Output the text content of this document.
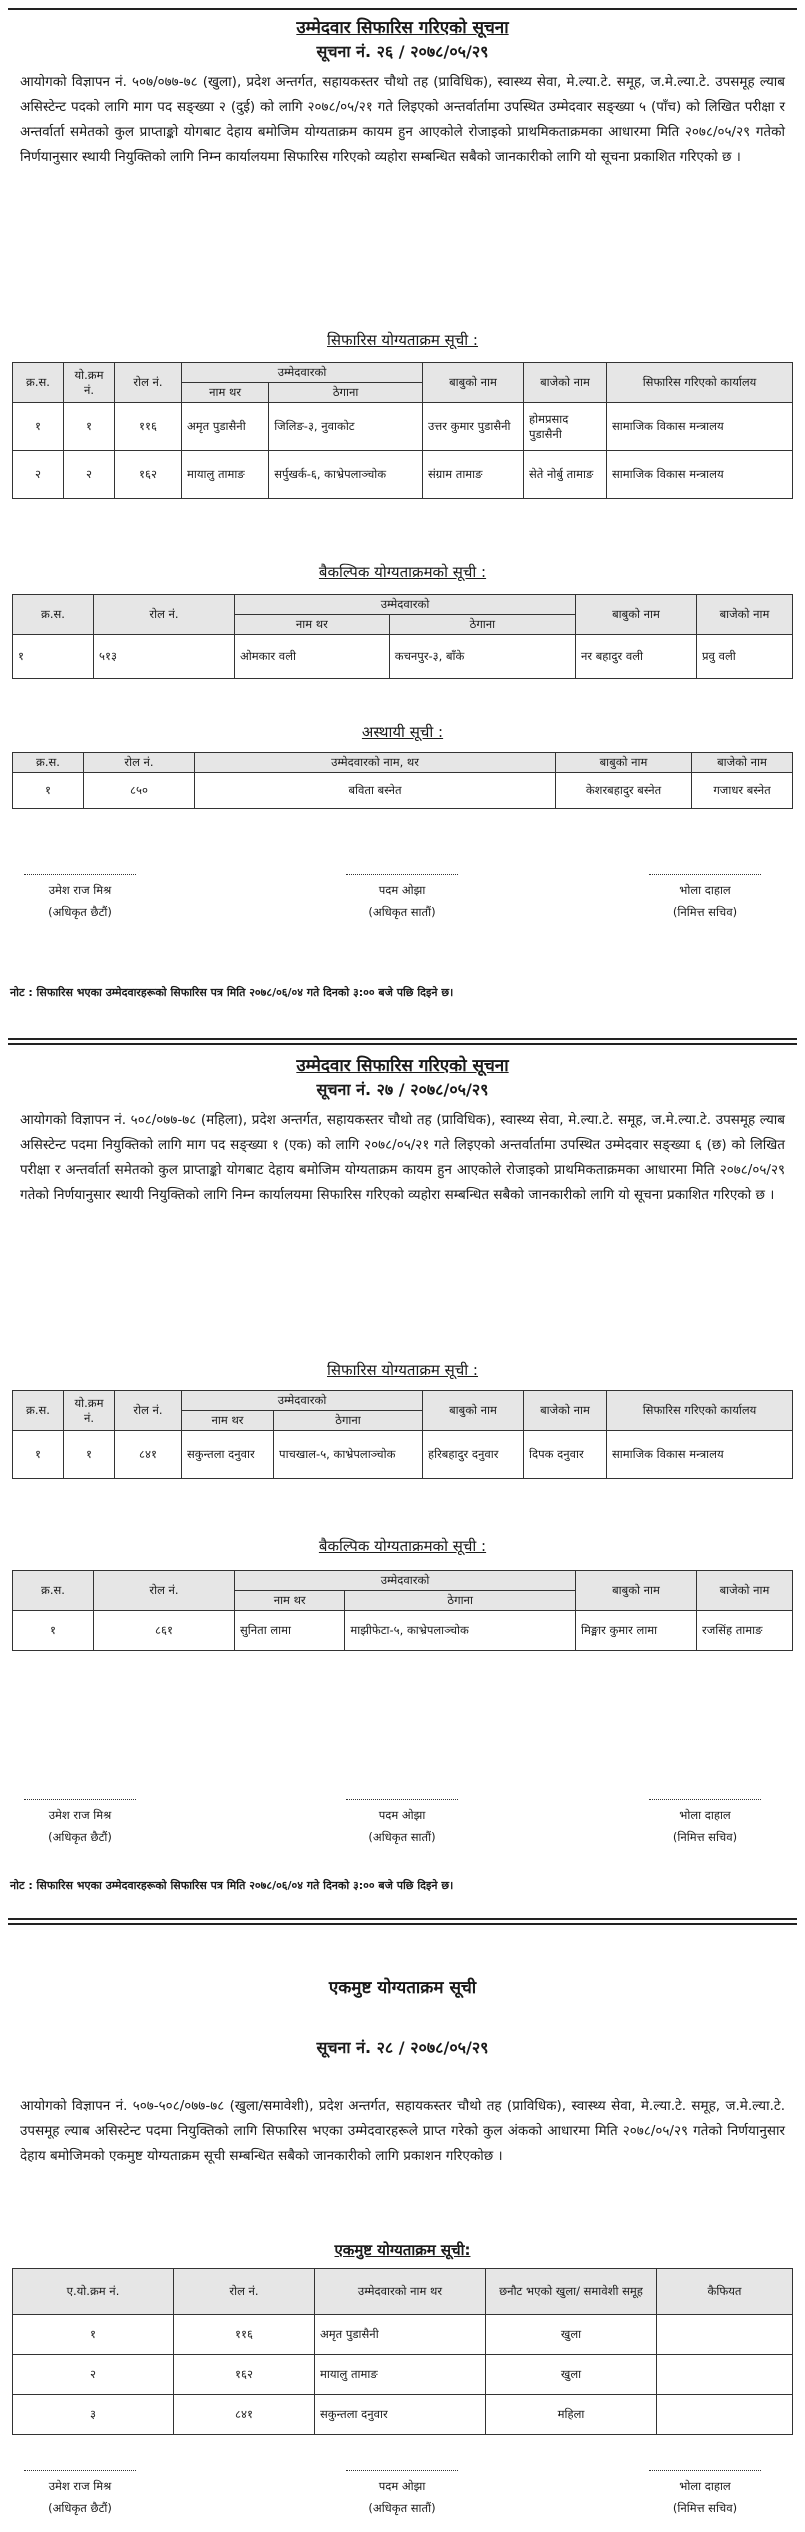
उम्मेदवार सिफारिस गरिएको सूचना

सूचना नं. २६ / २०७८/०५/२९

आयोगको विज्ञापन नं. ५०७/०७७-७८ (खुला), प्रदेश अन्तर्गत, सहायकस्तर चौथो तह (प्राविधिक), स्वास्थ्य सेवा, मे.ल्या.टे. समूह, ज.मे.ल्या.टे. उपसमूह ल्याब असिस्टेन्ट पदको लागि माग पद सङ्ख्या २ (दुई) को लागि २०७८/०५/२१ गते लिइएको अन्तर्वार्तामा उपस्थित उम्मेदवार सङ्ख्या ५ (पाँच) को लिखित परीक्षा र अन्तर्वार्ता समेतको कुल प्राप्ताङ्को योगबाट देहाय बमोजिम योग्यताक्रम कायम हुन आएकोले रोजाइको प्राथमिकताक्रमका आधारमा मिति २०७८/०५/२९ गतेको निर्णयानुसार स्थायी नियुक्तिको लागि निम्न कार्यालयमा सिफारिस गरिएको व्यहोरा सम्बन्धित सबैको जानकारीको लागि यो सूचना प्रकाशित गरिएको छ ।

सिफारिस योग्यताक्रम सूची :

क्र.स.	यो.क्रम नं.	रोल नं.	उम्मेदवारको		बाबुको नाम	बाजेको नाम	सिफारिस गरिएको कार्यालय
			नाम थर	ठेगाना			
१	१	११६	अमृत पुडासैनी	जिलिङ-३, नुवाकोट	उत्तर कुमार पुडासैनी	होमप्रसाद पुडासैनी	सामाजिक विकास मन्त्रालय
२	२	१६२	मायालु तामाङ	सर्पुखर्क-६, काभ्रेपलाञ्चोक	संग्राम तामाङ	सेते नोर्बु तामाङ	सामाजिक विकास मन्त्रालय

बैकल्पिक योग्यताक्रमको सूची :

क्र.स.	रोल नं.	उम्मेदवारको		बाबुको नाम	बाजेको नाम
		नाम थर	ठेगाना		
१	५१३	ओमकार वली	कचनपुर-३, बाँके	नर बहादुर वली	प्रवु वली

अस्थायी सूची :

क्र.स.	रोल नं.	उम्मेदवारको नाम, थर	बाबुको नाम	बाजेको नाम
१	८५०	बविता बस्नेत	केशरबहादुर बस्नेत	गजाधर बस्नेत
उमेश राज मिश्र
(अधिकृत छैटौं)
पदम ओझा
(अधिकृत सातौं)
भोला दाहाल
(निमित्त सचिव)

नोट : सिफारिस भएका उम्मेदवारहरूको सिफारिस पत्र मिति २०७८/०६/०४ गते दिनको ३:०० बजे पछि दिइने छ।

उम्मेदवार सिफारिस गरिएको सूचना

सूचना नं. २७ / २०७८/०५/२९

आयोगको विज्ञापन नं. ५०८/०७७-७८ (महिला), प्रदेश अन्तर्गत, सहायकस्तर चौथो तह (प्राविधिक), स्वास्थ्य सेवा, मे.ल्या.टे. समूह, ज.मे.ल्या.टे. उपसमूह ल्याब असिस्टेन्ट पदमा नियुक्तिको लागि माग पद सङ्ख्या १ (एक) को लागि २०७८/०५/२१ गते लिइएको अन्तर्वार्तामा उपस्थित उम्मेदवार सङ्ख्या ६ (छ) को लिखित परीक्षा र अन्तर्वार्ता समेतको कुल प्राप्ताङ्को योगबाट देहाय बमोजिम योग्यताक्रम कायम हुन आएकोले रोजाइको प्राथमिकताक्रमका आधारमा मिति २०७८/०५/२९ गतेको निर्णयानुसार स्थायी नियुक्तिको लागि निम्न कार्यालयमा सिफारिस गरिएको व्यहोरा सम्बन्धित सबैको जानकारीको लागि यो सूचना प्रकाशित गरिएको छ ।

सिफारिस योग्यताक्रम सूची :

क्र.स.	यो.क्रम नं.	रोल नं.	उम्मेदवारको		बाबुको नाम	बाजेको नाम	सिफारिस गरिएको कार्यालय
			नाम थर	ठेगाना			
१	१	८४१	सकुन्तला दनुवार	पाचखाल-५, काभ्रेपलाञ्चोक	हरिबहादुर दनुवार	दिपक दनुवार	सामाजिक विकास मन्त्रालय

बैकल्पिक योग्यताक्रमको सूची :

क्र.स.	रोल नं.	उम्मेदवारको		बाबुको नाम	बाजेको नाम
		नाम थर	ठेगाना		
१	८६१	सुनिता लामा	माझीफेटा-५, काभ्रेपलाञ्चोक	मिङ्मार कुमार लामा	रजसिंह तामाङ
उमेश राज मिश्र
(अधिकृत छैटौं)
पदम ओझा
(अधिकृत सातौं)
भोला दाहाल
(निमित्त सचिव)

नोट : सिफारिस भएका उम्मेदवारहरूको सिफारिस पत्र मिति २०७८/०६/०४ गते दिनको ३:०० बजे पछि दिइने छ।

एकमुष्ट योग्यताक्रम सूची

सूचना नं. २८ / २०७८/०५/२९

आयोगको विज्ञापन नं. ५०७-५०८/०७७-७८ (खुला/समावेशी), प्रदेश अन्तर्गत, सहायकस्तर चौथो तह (प्राविधिक), स्वास्थ्य सेवा, मे.ल्या.टे. समूह, ज.मे.ल्या.टे. उपसमूह ल्याब असिस्टेन्ट पदमा नियुक्तिको लागि सिफारिस भएका उम्मेदवारहरूले प्राप्त गरेको कुल अंकको आधारमा मिति २०७८/०५/२९ गतेको निर्णयानुसार देहाय बमोजिमको एकमुष्ट योग्यताक्रम सूची सम्बन्धित सबैको जानकारीको लागि प्रकाशन गरिएकोछ ।

एकमुष्ट योग्यताक्रम सूची:

ए.यो.क्रम नं.	रोल नं.	उम्मेदवारको नाम थर	छनौट भएको खुला/ समावेशी समूह	कैफियत
१	११६	अमृत पुडासैनी	खुला	
२	१६२	मायालु तामाङ	खुला	
३	८४१	सकुन्तला दनुवार	महिला	
उमेश राज मिश्र
(अधिकृत छैटौं)
पदम ओझा
(अधिकृत सातौं)
भोला दाहाल
(निमित्त सचिव)
